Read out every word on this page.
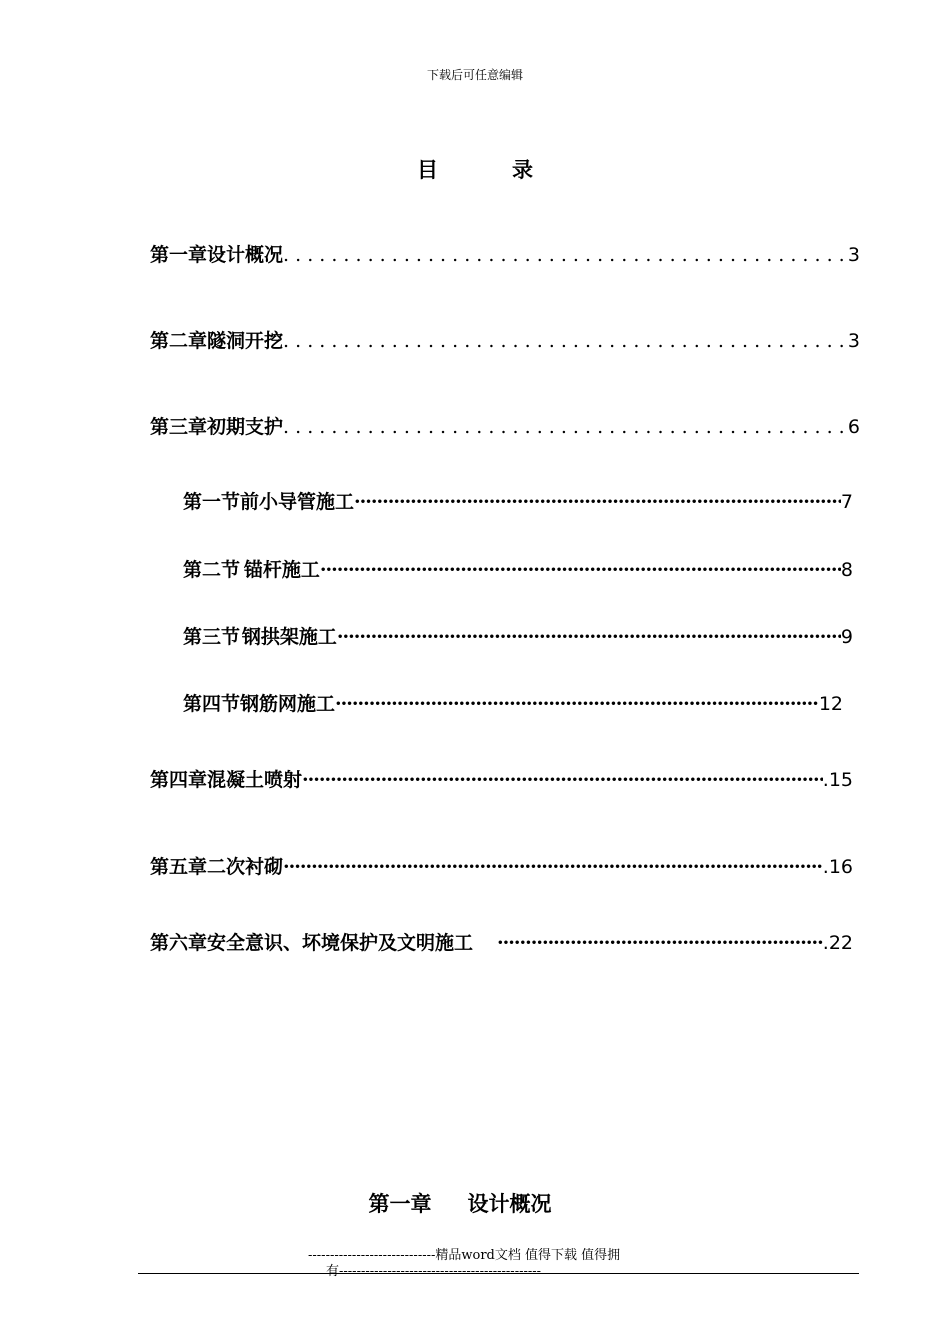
下载后可任意编辑
目	录
第一章 设计概况 . . .	3
第二章 隧洞开挖 . . .	3
第三章 初期支护 . . .	6
第一节 前小导管施工 ·····	7
第二节 锚杆施工 ·····	8
第三节 钢拱架施工 ·····	9
第四节 钢筋网施工 ·····	12
第四章 混凝土喷射 ·····	.15
第五章 二次衬砌 ·····	.16
第六章 安全意识、坏境保护及文明施工 ·····	.22
第一章 设计概况
-----------------------------精品word文档 值得下载 值得拥
有----------------------------------------------
